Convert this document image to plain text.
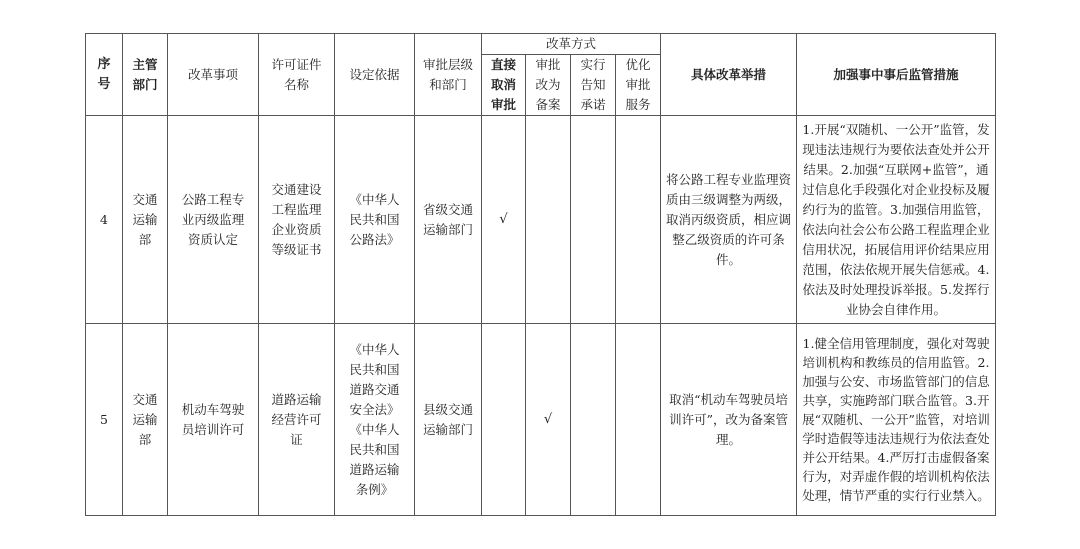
序号	主管部门	改革事项	许可证件名称	设定依据	审批层级和部门	改革方式				具体改革举措	加强事中事后监管措施

						直接取消审批	审批改为备案	实行告知承诺	优化审批服务		

4	交通运输部	公路工程专业丙级监理资质认定	交通建设工程监理企业资质等级证书	《中华人民共和国公路法》	省级交通运输部门	√				将公路工程专业监理资质由三级调整为两级，取消丙级资质，相应调整乙级资质的许可条件。	1.开展“双随机、一公开”监管，发现违法违规行为要依法查处并公开结果。2.加强“互联网+监管”，通过信息化手段强化对企业投标及履约行为的监管。3.加强信用监管，依法向社会公布公路工程监理企业信用状况，拓展信用评价结果应用范围，依法依规开展失信惩戒。4.依法及时处理投诉举报。5.发挥行业协会自律作用。

5	交通运输部	机动车驾驶员培训许可	道路运输经营许可证	《中华人民共和国道路交通安全法》《中华人民共和国道路运输条例》	县级交通运输部门		√			取消“机动车驾驶员培训许可”，改为备案管理。	1.健全信用管理制度，强化对驾驶培训机构和教练员的信用监管。2.加强与公安、市场监管部门的信息共享，实施跨部门联合监管。3.开展“双随机、一公开”监管，对培训学时造假等违法违规行为依法查处并公开结果。4.严厉打击虚假备案行为，对弄虚作假的培训机构依法处理，情节严重的实行行业禁入。
